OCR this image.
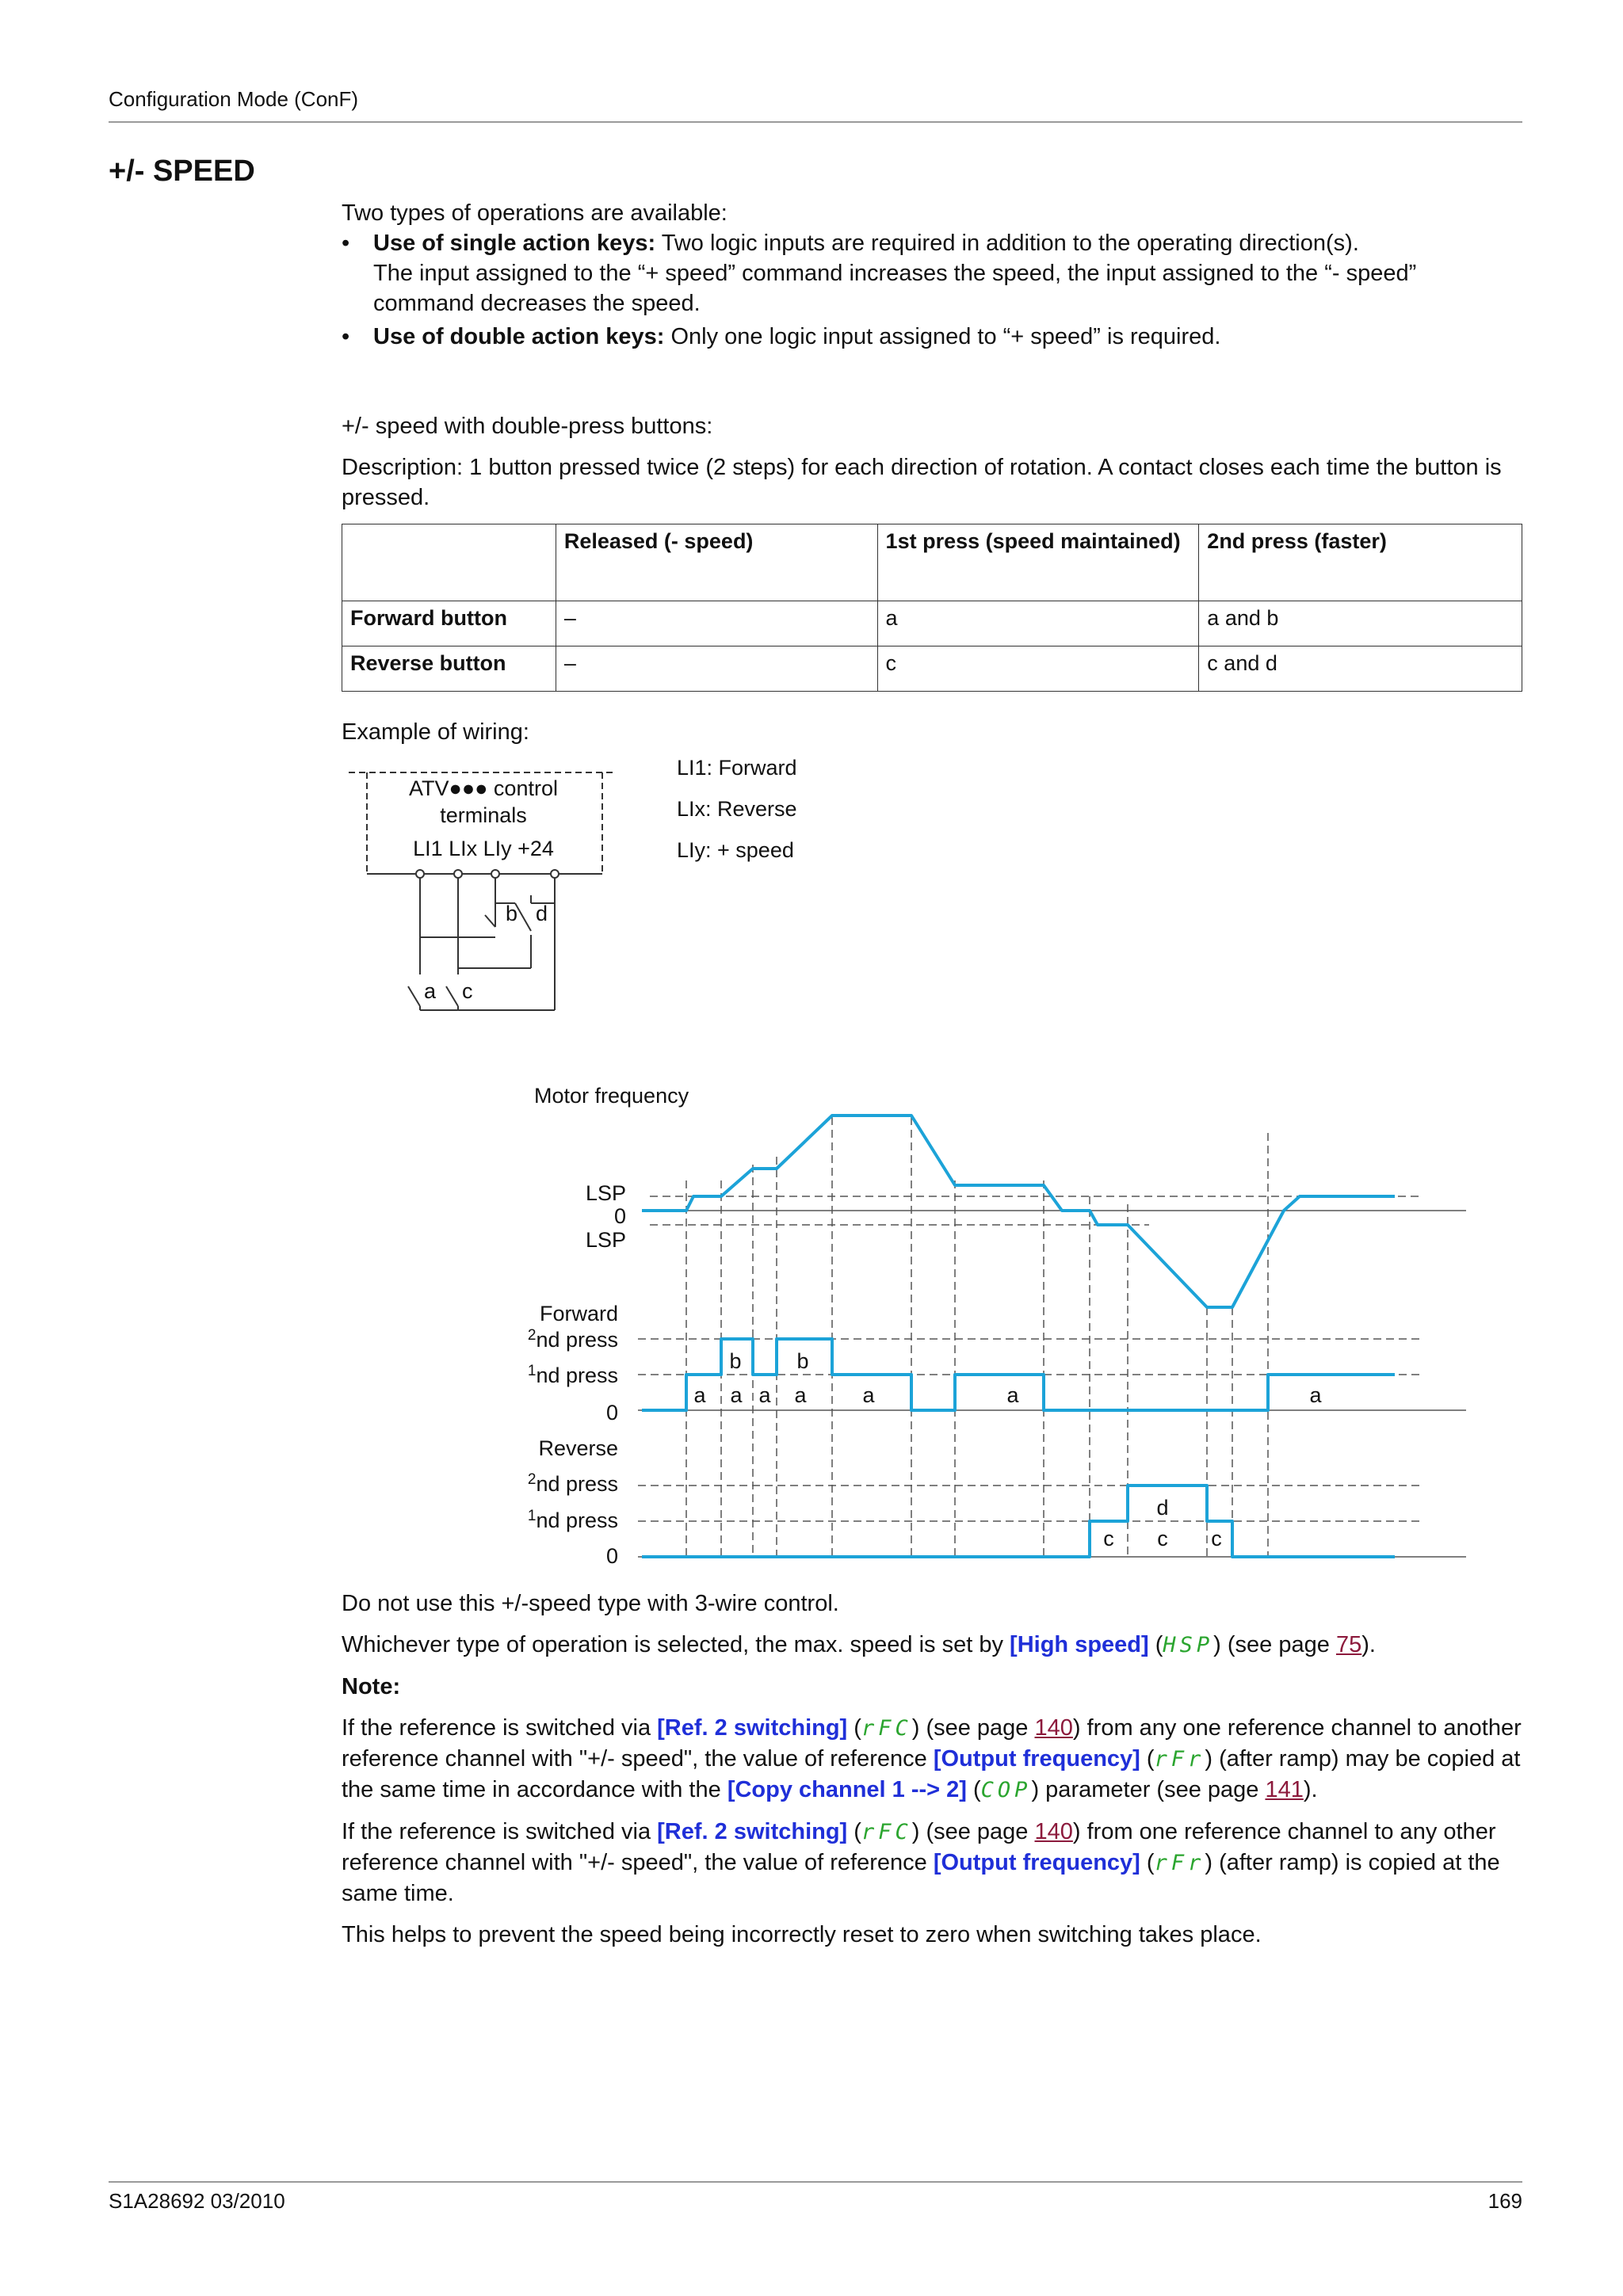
Configuration Mode (ConF)
+/- SPEED
Two types of operations are available:
• Use of single action keys: Two logic inputs are required in addition to the operating direction(s).
The input assigned to the “+ speed” command increases the speed, the input assigned to the “- speed” command decreases the speed.
• Use of double action keys: Only one logic input assigned to “+ speed” is required.
+/- speed with double-press buttons:
Description: 1 button pressed twice (2 steps) for each direction of rotation. A contact closes each time the button is pressed.
	Released (- speed)	1st press (speed maintained)	2nd press (faster)
Forward button	–	a	a and b
Reverse button	–	c	c and d
Example of wiring:
ATV●●● control
terminals
LI1 LIx LIy +24
b d
a c
LI1: Forward
LIx: Reverse
LIy: + speed
Motor frequency
LSP
0
LSP
Forward
$^2$nd press
$^1$nd press
0
Reverse
$^2$nd press
$^1$nd press
0
b	b
a a a a	a	a	a
d
c c c
Do not use this +/-speed type with 3-wire control.
Whichever type of operation is selected, the max. speed is set by [High speed] (HSP) (see page 75).
Note:
If the reference is switched via [Ref. 2 switching] (rFC) (see page 140) from any one reference channel to another reference channel with "+/- speed", the value of reference [Output frequency] (rFr) (after ramp) may be copied at the same time in accordance with the [Copy channel 1 --> 2] (COP) parameter (see page 141).
If the reference is switched via [Ref. 2 switching] (rFC) (see page 140) from one reference channel to any other reference channel with "+/- speed", the value of reference [Output frequency] (rFr) (after ramp) is copied at the same time.
This helps to prevent the speed being incorrectly reset to zero when switching takes place.
S1A28692 03/2010	169
